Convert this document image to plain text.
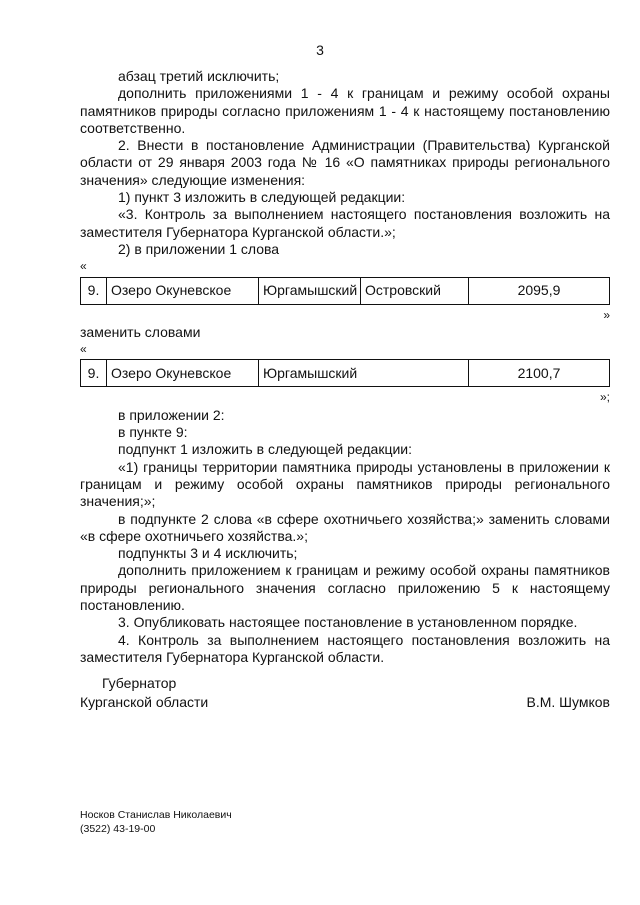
3

абзац третий исключить;

дополнить приложениями 1 - 4 к границам и режиму особой охраны памятников природы согласно приложениям 1 - 4 к настоящему постановлению соответственно.

2. Внести в постановление Администрации (Правительства) Курганской области от 29 января 2003 года № 16 «О памятниках природы регионального значения» следующие изменения:

1) пункт 3 изложить в следующей редакции:

«3. Контроль за выполнением настоящего постановления возложить на заместителя Губернатора Курганской области.»;

2) в приложении 1 слова

«

9.	Озеро Окуневское	Юргамышский	Островский	2095,9

»

заменить словами

«

9.	Озеро Окуневское	Юргамышский	2100,7

»;

в приложении 2:

в пункте 9:

подпункт 1 изложить в следующей редакции:

«1) границы территории памятника природы установлены в приложении к границам и режиму особой охраны памятников природы регионального значения;»;

в подпункте 2 слова «в сфере охотничьего хозяйства;» заменить словами «в сфере охотничьего хозяйства.»;

подпункты 3 и 4 исключить;

дополнить приложением к границам и режиму особой охраны памятников природы регионального значения согласно приложению 5 к настоящему постановлению.

3. Опубликовать настоящее постановление в установленном порядке.

4. Контроль за выполнением настоящего постановления возложить на заместителя Губернатора Курганской области.

Губернатор
Курганской области	В.М. Шумков
Носков Станислав Николаевич
(3522) 43-19-00
